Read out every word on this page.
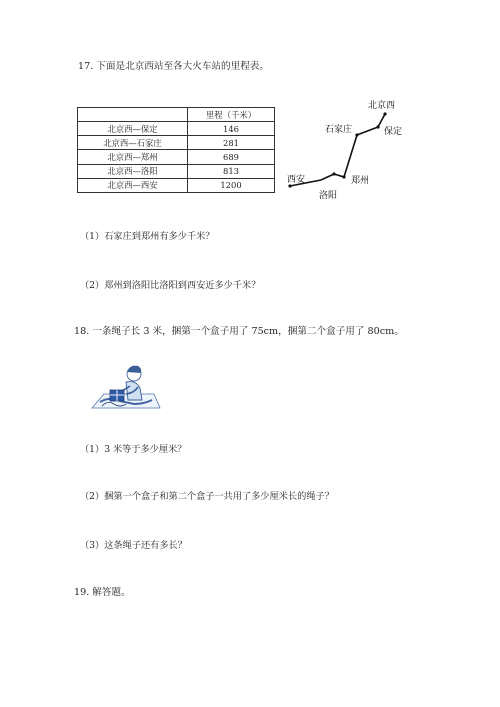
17. 下面是北京西站至各大火车站的里程表。
	里程（千米）
北京西—保定	146
北京西—石家庄	281
北京西—郑州	689
北京西—洛阳	813
北京西—西安	1200
北京西
保定
石家庄
郑州
洛阳
西安
（1）石家庄到郑州有多少千米？
（2）郑州到洛阳比洛阳到西安近多少千米？
18. 一条绳子长 3 米，捆第一个盒子用了 75cm，捆第二个盒子用了 80cm。
（1）3 米等于多少厘米？
（2）捆第一个盒子和第二个盒子一共用了多少厘米长的绳子？
（3）这条绳子还有多长？
19. 解答题。
